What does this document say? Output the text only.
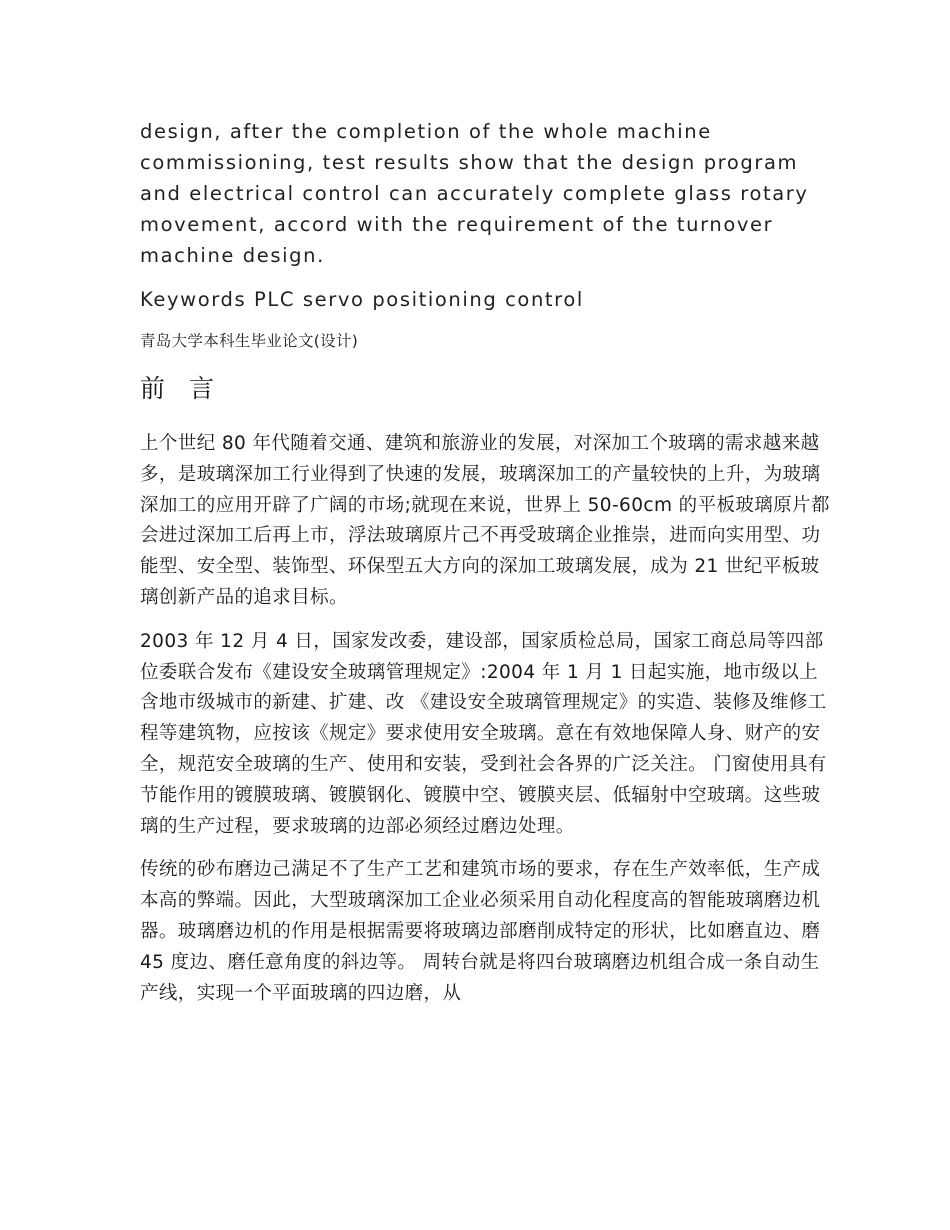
design, after the completion of the whole machine commissioning, test results show that the design program and electrical control can accurately complete glass rotary movement, accord with the requirement of the turnover machine design.

Keywords PLC servo positioning control

青岛大学本科生毕业论文(设计)

前 言

上个世纪 80 年代随着交通、建筑和旅游业的发展，对深加工个玻璃的需求越来越多，是玻璃深加工行业得到了快速的发展，玻璃深加工的产量较快的上升，为玻璃深加工的应用开辟了广阔的市场;就现在来说，世界上 50-60cm 的平板玻璃原片都会进过深加工后再上市，浮法玻璃原片己不再受玻璃企业推崇，进而向实用型、功能型、安全型、装饰型、环保型五大方向的深加工玻璃发展，成为 21 世纪平板玻璃创新产品的追求目标。

2003 年 12 月 4 日，国家发改委，建设部，国家质检总局，国家工商总局等四部位委联合发布《建设安全玻璃管理规定》:2004 年 1 月 1 日起实施，地市级以上含地市级城市的新建、扩建、改 《建设安全玻璃管理规定》的实造、装修及维修工程等建筑物，应按该《规定》要求使用安全玻璃。意在有效地保障人身、财产的安全，规范安全玻璃的生产、使用和安装，受到社会各界的广泛关注。 门窗使用具有节能作用的镀膜玻璃、镀膜钢化、镀膜中空、镀膜夹层、低辐射中空玻璃。这些玻璃的生产过程，要求玻璃的边部必须经过磨边处理。

传统的砂布磨边己满足不了生产工艺和建筑市场的要求，存在生产效率低，生产成本高的弊端。因此，大型玻璃深加工企业必须采用自动化程度高的智能玻璃磨边机器。玻璃磨边机的作用是根据需要将玻璃边部磨削成特定的形状，比如磨直边、磨 45 度边、磨任意角度的斜边等。 周转台就是将四台玻璃磨边机组合成一条自动生产线，实现一个平面玻璃的四边磨，从
